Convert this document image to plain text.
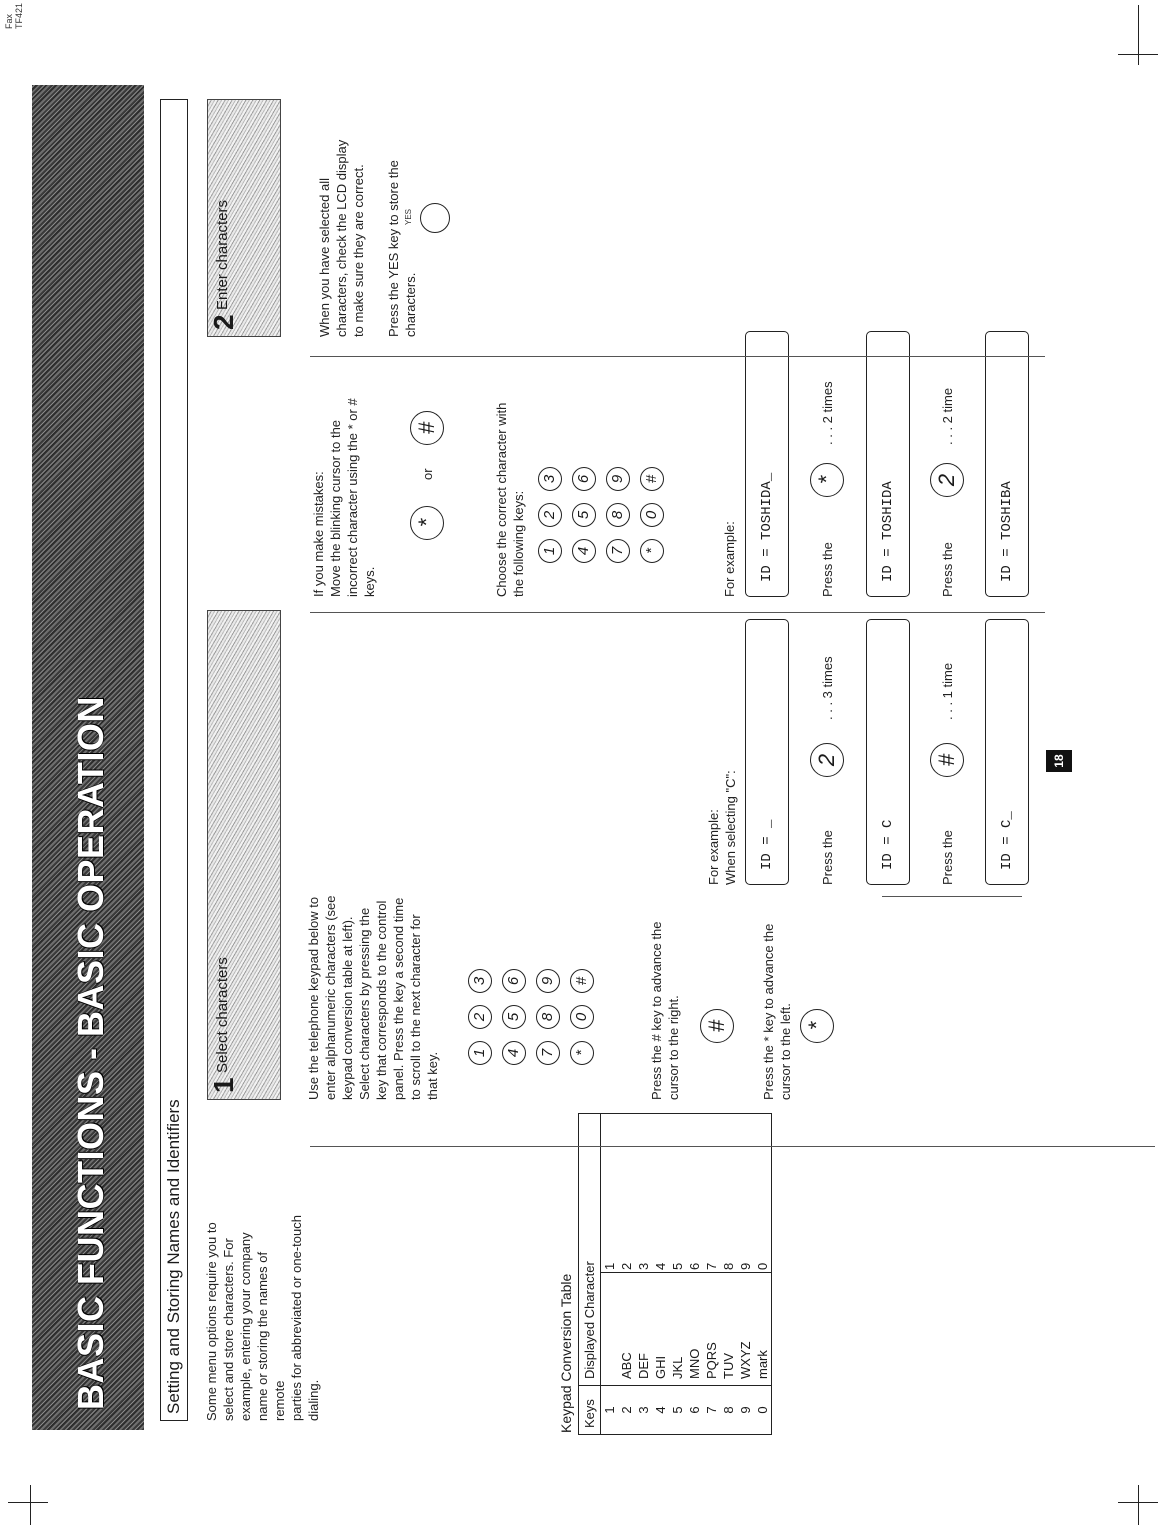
Fax TF421
BASIC FUNCTIONS - BASIC OPERATION	Setting and Storing Names and Identifiers Some menu options require you to select and store characters. For example, entering your company name or storing the names of remote parties for abbreviated or one-touch dialing.	Keypad Conversion Table Keys	Displayed Character	
1		1
2	ABC	2
3	DEF	3
4	GHI	4
5	JKL	5
6	MNO	6
7	PQRS	7
8	TUV	8
9	WXYZ	9
0	mark	0
1
Select characters	Use the telephone keypad below to enter alphanumeric characters (see keypad conversion table at left). Select characters by pressing the key that corresponds to the control panel. Press the key a second time to scroll to the next character for that key. 1
2
3
4
5
6
7
8
9
*
0
#	Press the # key to advance the cursor to the right. #	Press the * key to advance the cursor to the left. *
For example: When selecting "C": ID = _	Press the
2
. . . 3 times
ID = C	Press the
#
. . . 1 time
ID = C_
If you make mistakes: Move the blinking cursor to the incorrect character using the * or # keys.
*
or
#	Choose the correct character with the following keys: 1
2
3
4
5
6
7
8
9
*
0
#
For example: ID = TOSHIDA_	Press the
*
. . . 2 times
ID = TOSHIDA	Press the
2
. . . 2 time
ID = TOSHIBA
2
Enter characters	YES
When you have selected all characters, check the LCD display to make sure they are correct. Press the YES key to store the characters.
18
